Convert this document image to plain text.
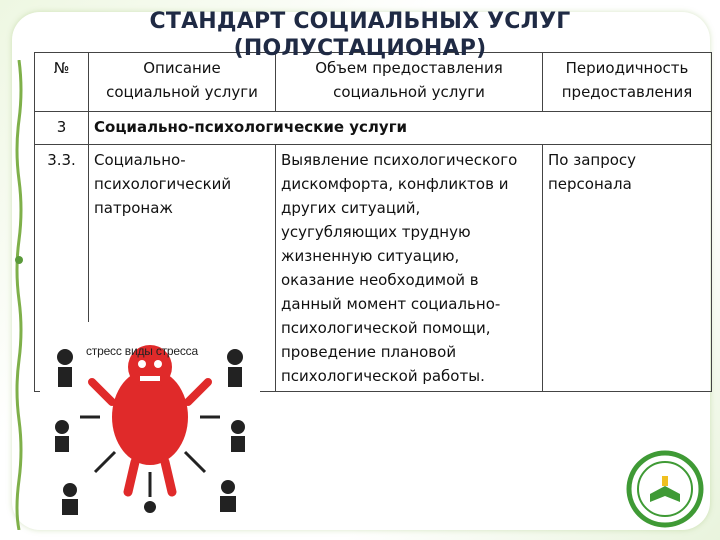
СТАНДАРТ СОЦИАЛЬНЫХ УСЛУГ
(ПОЛУСТАЦИОНАР)
№	Описание социальной услуги	Объем предоставления социальной услуги	Периодичность предоставления
3	Социально-психологические услуги		
3.3.	Социально-психологический патронаж	Выявление психологического дискомфорта, конфликтов и других ситуаций, усугубляющих трудную жизненную ситуацию, оказание необходимой в данный момент социально-психологической помощи, проведение плановой психологической работы.	По запросу персонала
стресс виды стресса
